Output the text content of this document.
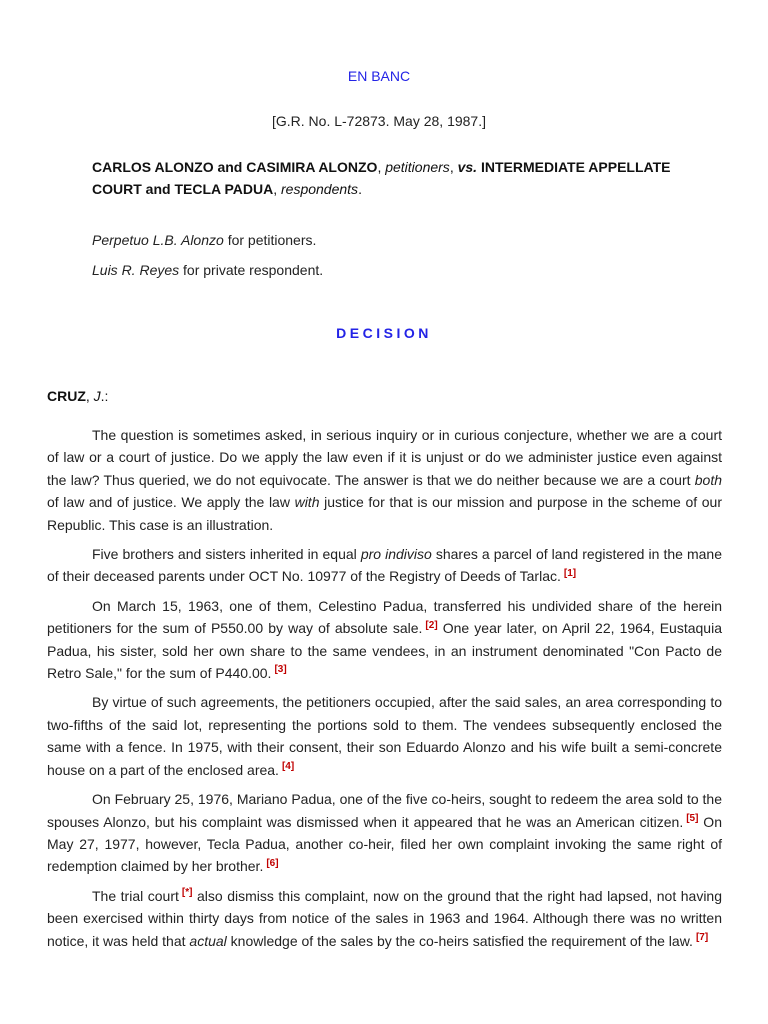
EN BANC
[G.R. No. L-72873. May 28, 1987.]
CARLOS ALONZO and CASIMIRA ALONZO, petitioners, vs. INTERMEDIATE APPELLATE COURT and TECLA PADUA, respondents.
Perpetuo L.B. Alonzo for petitioners.
Luis R. Reyes for private respondent.
DECISION
CRUZ, J.:

The question is sometimes asked, in serious inquiry or in curious conjecture, whether we are a court of law or a court of justice. Do we apply the law even if it is unjust or do we administer justice even against the law? Thus queried, we do not equivocate. The answer is that we do neither because we are a court both of law and of justice. We apply the law with justice for that is our mission and purpose in the scheme of our Republic. This case is an illustration.

Five brothers and sisters inherited in equal pro indiviso shares a parcel of land registered in the mane of their deceased parents under OCT No. 10977 of the Registry of Deeds of Tarlac. [1]

On March 15, 1963, one of them, Celestino Padua, transferred his undivided share of the herein petitioners for the sum of P550.00 by way of absolute sale. [2] One year later, on April 22, 1964, Eustaquia Padua, his sister, sold her own share to the same vendees, in an instrument denominated "Con Pacto de Retro Sale," for the sum of P440.00. [3]

By virtue of such agreements, the petitioners occupied, after the said sales, an area corresponding to two-fifths of the said lot, representing the portions sold to them. The vendees subsequently enclosed the same with a fence. In 1975, with their consent, their son Eduardo Alonzo and his wife built a semi-concrete house on a part of the enclosed area. [4]

On February 25, 1976, Mariano Padua, one of the five co-heirs, sought to redeem the area sold to the spouses Alonzo, but his complaint was dismissed when it appeared that he was an American citizen. [5] On May 27, 1977, however, Tecla Padua, another co-heir, filed her own complaint invoking the same right of redemption claimed by her brother. [6]

The trial court [*] also dismiss this complaint, now on the ground that the right had lapsed, not having been exercised within thirty days from notice of the sales in 1963 and 1964. Although there was no written notice, it was held that actual knowledge of the sales by the co-heirs satisfied the requirement of the law. [7]
